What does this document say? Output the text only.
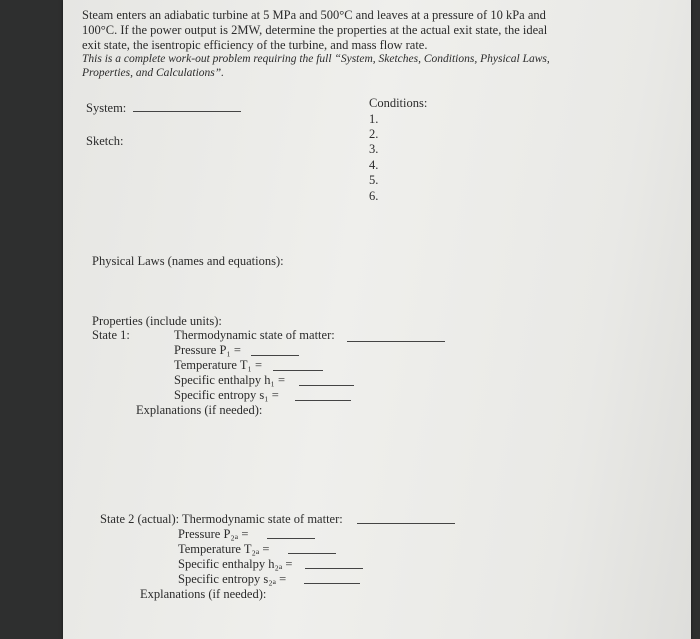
Steam enters an adiabatic turbine at 5 MPa and 500°C and leaves at a pressure of 10 kPa and
100°C. If the power output is 2MW, determine the properties at the actual exit state, the ideal
exit state, the isentropic efficiency of the turbine, and mass flow rate.
This is a complete work-out problem requiring the full “System, Sketches, Conditions, Physical Laws,
Properties, and Calculations”.
System:
Sketch:
Conditions:
1.
2.
3.
4.
5.
6.
Physical Laws (names and equations):
Properties (include units):
State 1:	Thermodynamic state of matter:
Pressure P₁ =
Temperature T₁ =
Specific enthalpy h₁ =
Specific entropy s₁ =
Explanations (if needed):
State 2 (actual): Thermodynamic state of matter:
Pressure P₂ₐ =
Temperature T₂ₐ =
Specific enthalpy h₂ₐ =
Specific entropy s₂ₐ =
Explanations (if needed):
